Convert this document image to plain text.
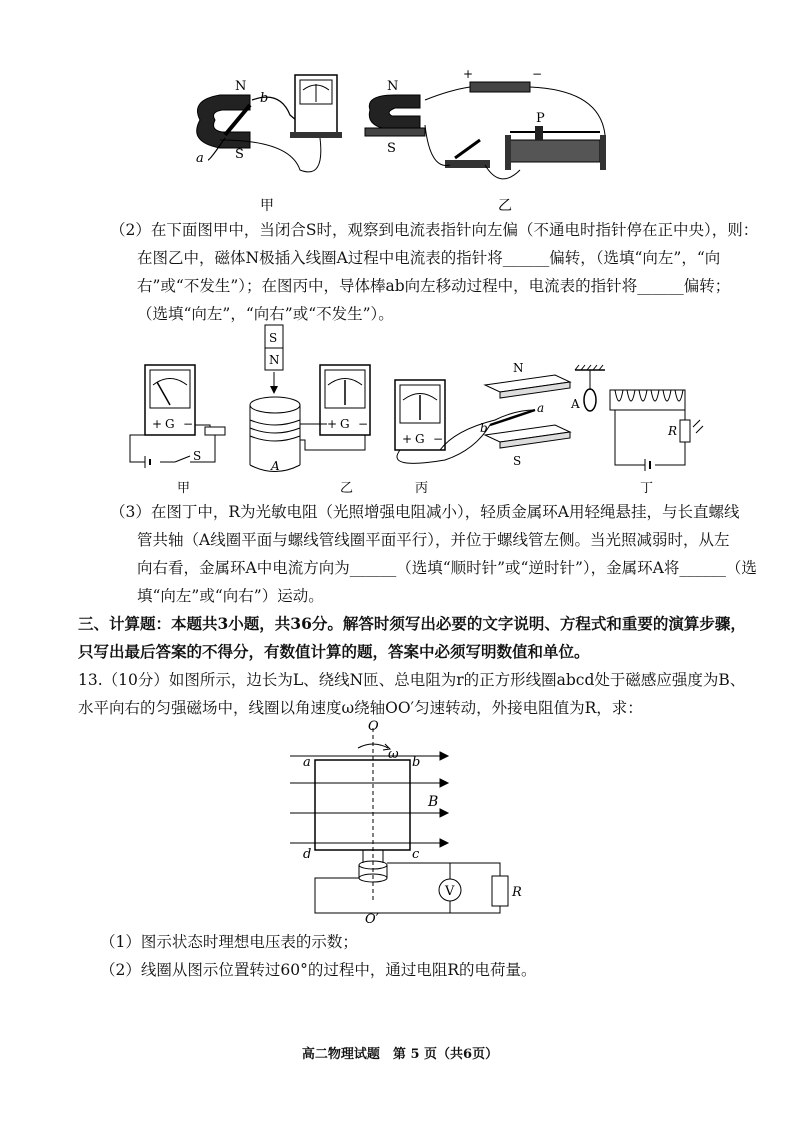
N
S
a
b
甲
N
S
+	−
P
乙
（2）在下面图甲中，当闭合S时，观察到电流表指针向左偏（不通电时指针停在正中央），则：
在图乙中，磁体N极插入线圈A过程中电流表的指针将______偏转，（选填“向左”，“向
右”或“不发生”）；在图丙中，导体棒ab向左移动过程中，电流表的指针将______偏转；
（选填“向左”，“向右”或“不发生”）。
+ G −
S
甲
S
N
A
+ G −
乙
+ G −
N
S
a
b
丙
A
R
丁
（3）在图丁中，R为光敏电阻（光照增强电阻减小），轻质金属环A用轻绳悬挂，与长直螺线
管共轴（A线圈平面与螺线管线圈平面平行），并位于螺线管左侧。当光照减弱时，从左
向右看，金属环A中电流方向为______（选填“顺时针”或“逆时针”），金属环A将______（选
填“向左”或“向右”）运动。
三、计算题：本题共3小题，共36分。解答时须写出必要的文字说明、方程式和重要的演算步骤，
只写出最后答案的不得分，有数值计算的题，答案中必须写明数值和单位。
13.（10分）如图所示，边长为L、绕线N匝、总电阻为r的正方形线圈abcd处于磁感应强度为B、
水平向右的匀强磁场中，线圈以角速度ω绕轴OO′匀速转动，外接电阻值为R，求：
O
ω
a	b
c
d
B
V	R
O′
（1）图示状态时理想电压表的示数；
（2）线圈从图示位置转过60°的过程中，通过电阻R的电荷量。
高二物理试题　第 5 页（共6页）
